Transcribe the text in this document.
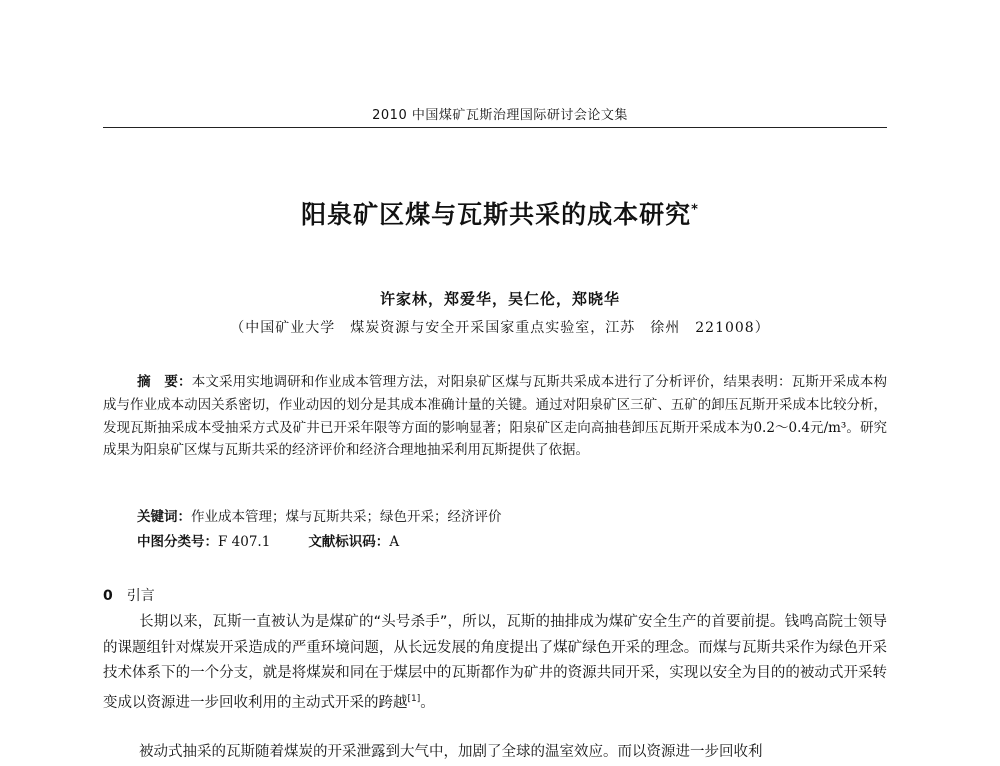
2010 中国煤矿瓦斯治理国际研讨会论文集
阳泉矿区煤与瓦斯共采的成本研究*
许家林，郑爱华，吴仁伦，郑晓华
（中国矿业大学　煤炭资源与安全开采国家重点实验室，江苏　徐州　221008）
摘　要：本文采用实地调研和作业成本管理方法，对阳泉矿区煤与瓦斯共采成本进行了分析评价，结果表明：瓦斯开采成本构成与作业成本动因关系密切，作业动因的划分是其成本准确计量的关键。通过对阳泉矿区三矿、五矿的卸压瓦斯开采成本比较分析，发现瓦斯抽采成本受抽采方式及矿井已开采年限等方面的影响显著；阳泉矿区走向高抽巷卸压瓦斯开采成本为0.2～0.4元/m³。研究成果为阳泉矿区煤与瓦斯共采的经济评价和经济合理地抽采利用瓦斯提供了依据。
关键词：作业成本管理；煤与瓦斯共采；绿色开采；经济评价
中图分类号：F 407.1	文献标识码：A
0 引言
长期以来，瓦斯一直被认为是煤矿的“头号杀手”，所以，瓦斯的抽排成为煤矿安全生产的首要前提。钱鸣高院士领导的课题组针对煤炭开采造成的严重环境问题，从长远发展的角度提出了煤矿绿色开采的理念。而煤与瓦斯共采作为绿色开采技术体系下的一个分支，就是将煤炭和同在于煤层中的瓦斯都作为矿井的资源共同开采，实现以安全为目的的被动式开采转变成以资源进一步回收利用的主动式开采的跨越[1]。
被动式抽采的瓦斯随着煤炭的开采泄露到大气中，加剧了全球的温室效应。而以资源进一步回收利
